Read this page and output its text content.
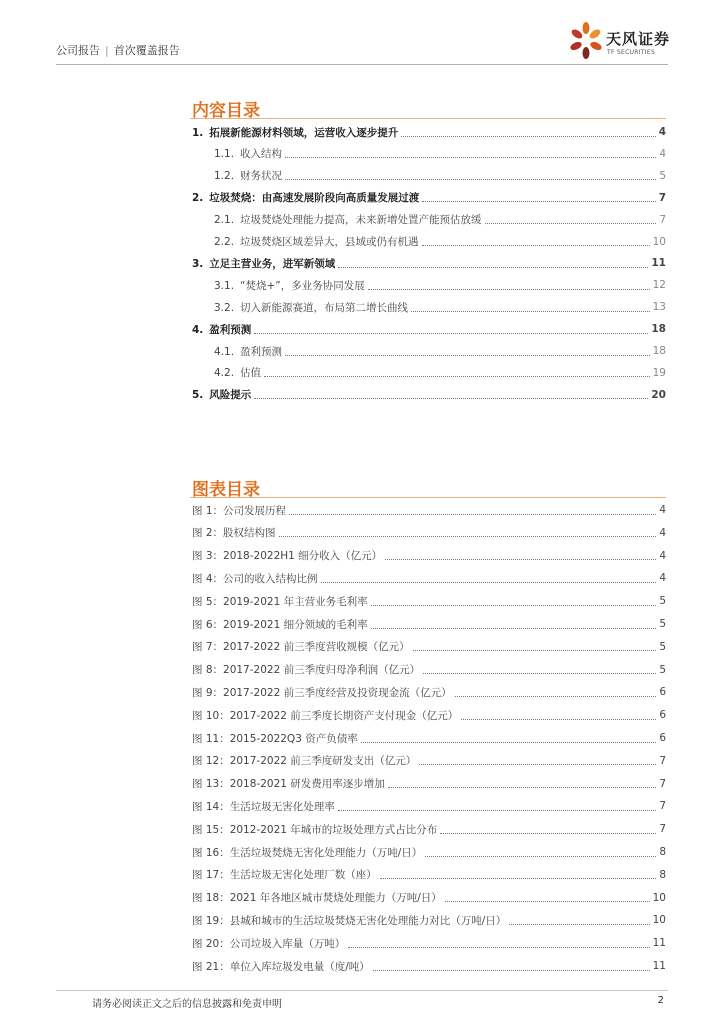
公司报告 | 首次覆盖报告
天风证券
TF SECURITIES
内容目录
1. 拓展新能源材料领域，运营收入逐步提升	4
1.1. 收入结构	4
1.2. 财务状况	5
2. 垃圾焚烧：由高速发展阶段向高质量发展过渡	7
2.1. 垃圾焚烧处理能力提高，未来新增处置产能预估放缓	7
2.2. 垃圾焚烧区域差异大，县域或仍有机遇	10
3. 立足主营业务，进军新领域	11
3.1. “焚烧+”，多业务协同发展	12
3.2. 切入新能源赛道，布局第二增长曲线	13
4. 盈利预测	18
4.1. 盈利预测	18
4.2. 估值	19
5. 风险提示	20
图表目录
图 1：公司发展历程	4
图 2：股权结构图	4
图 3：2018-2022H1 细分收入（亿元）	4
图 4：公司的收入结构比例	4
图 5：2019-2021 年主营业务毛利率	5
图 6：2019-2021 细分领域的毛利率	5
图 7：2017-2022 前三季度营收规模（亿元）	5
图 8：2017-2022 前三季度归母净利润（亿元）	5
图 9：2017-2022 前三季度经营及投资现金流（亿元）	6
图 10：2017-2022 前三季度长期资产支付现金（亿元）	6
图 11：2015-2022Q3 资产负债率	6
图 12：2017-2022 前三季度研发支出（亿元）	7
图 13：2018-2021 研发费用率逐步增加	7
图 14：生活垃圾无害化处理率	7
图 15：2012-2021 年城市的垃圾处理方式占比分布	7
图 16：生活垃圾焚烧无害化处理能力（万吨/日）	8
图 17：生活垃圾无害化处理厂数（座）	8
图 18：2021 年各地区城市焚烧处理能力（万吨/日）	10
图 19：县城和城市的生活垃圾焚烧无害化处理能力对比（万吨/日）	10
图 20：公司垃圾入库量（万吨）	11
图 21：单位入库垃圾发电量（度/吨）	11
请务必阅读正文之后的信息披露和免责申明	2
